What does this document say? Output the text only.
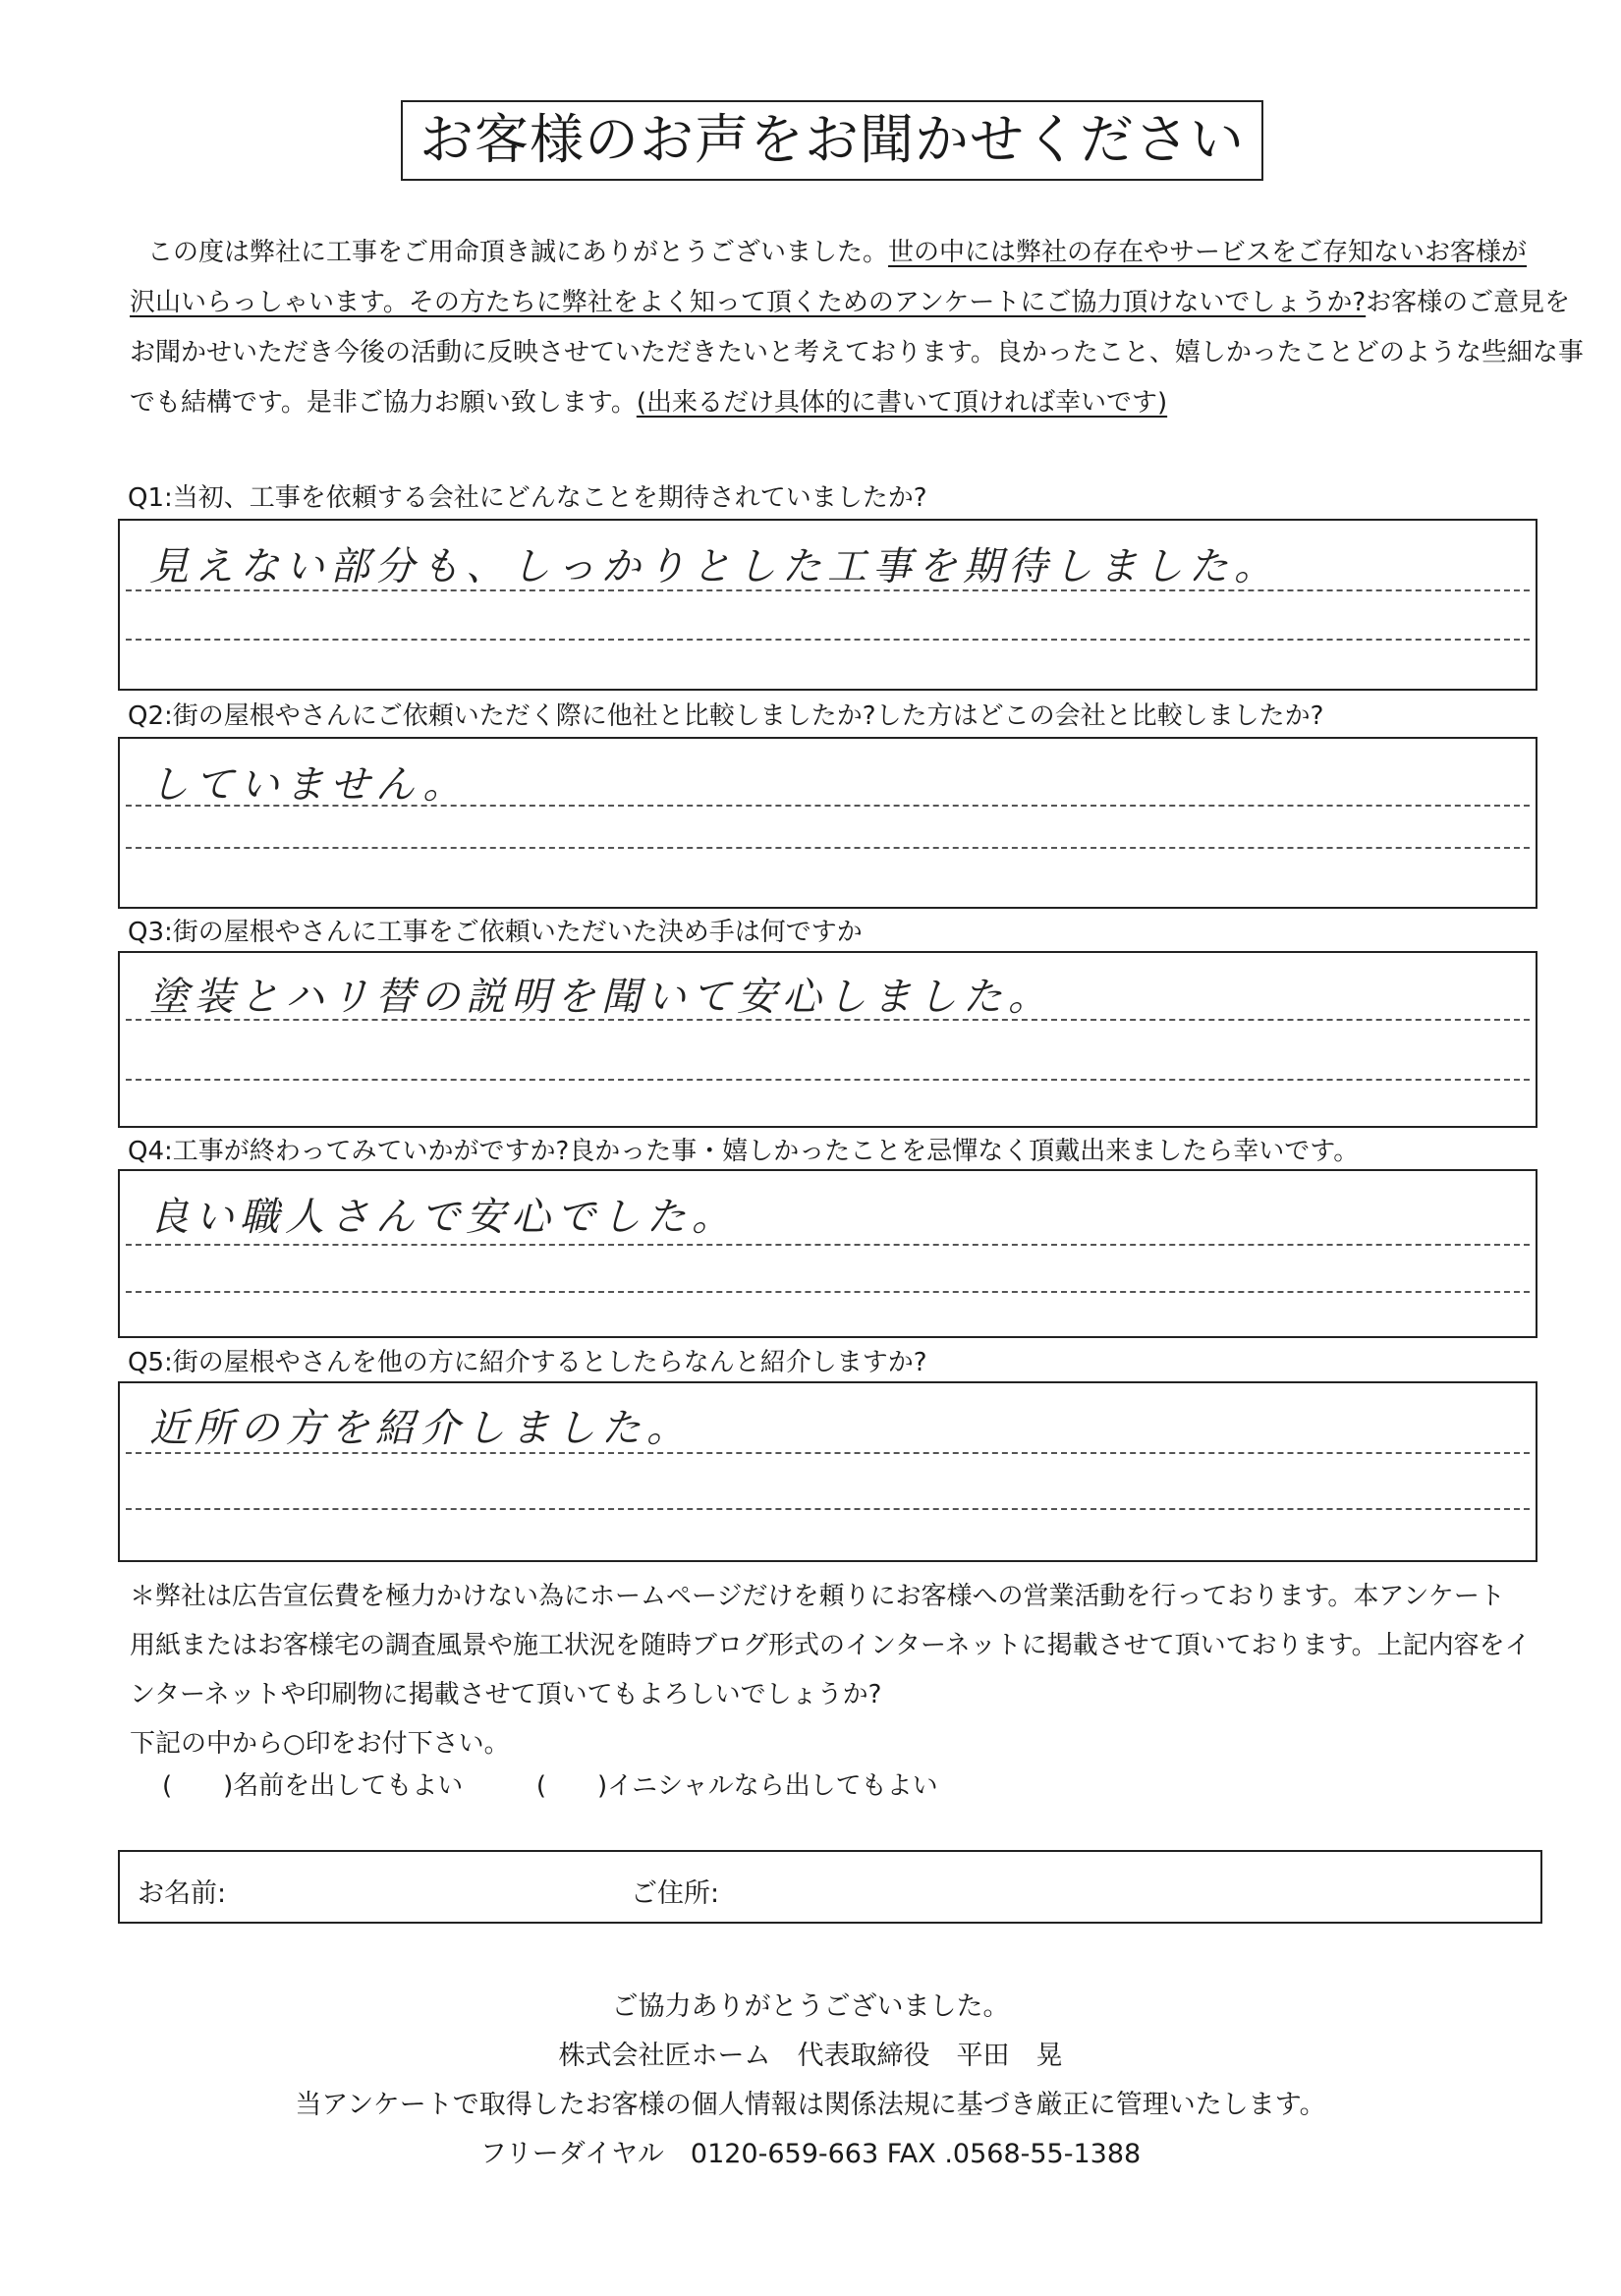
お客様のお声をお聞かせください

この度は弊社に工事をご用命頂き誠にありがとうございました。世の中には弊社の存在やサービスをご存知ないお客様が

沢山いらっしゃいます。その方たちに弊社をよく知って頂くためのアンケートにご協力頂けないでしょうか?お客様のご意見を

お聞かせいただき今後の活動に反映させていただきたいと考えております。良かったこと、嬉しかったことどのような些細な事

でも結構です。是非ご協力お願い致します。(出来るだけ具体的に書いて頂ければ幸いです)

Q1:当初、工事を依頼する会社にどんなことを期待されていましたか?
見えない部分も、しっかりとした工事を期待しました。
Q2:街の屋根やさんにご依頼いただく際に他社と比較しましたか?した方はどこの会社と比較しましたか?
していません。
Q3:街の屋根やさんに工事をご依頼いただいた決め手は何ですか
塗装とハリ替の説明を聞いて安心しました。
Q4:工事が終わってみていかがですか?良かった事・嬉しかったことを忌憚なく頂戴出来ましたら幸いです。
良い職人さんで安心でした。
Q5:街の屋根やさんを他の方に紹介するとしたらなんと紹介しますか?
近所の方を紹介しました。

＊弊社は広告宣伝費を極力かけない為にホームページだけを頼りにお客様への営業活動を行っております。本アンケート

用紙またはお客様宅の調査風景や施工状況を随時ブログ形式のインターネットに掲載させて頂いております。上記内容をイ

ンターネットや印刷物に掲載させて頂いてもよろしいでしょうか?

下記の中から○印をお付下さい。

(　　)名前を出してもよい	(　　)イニシャルなら出してもよい
お名前:	ご住所:

ご協力ありがとうございました。

株式会社匠ホーム　代表取締役　平田　晃

当アンケートで取得したお客様の個人情報は関係法規に基づき厳正に管理いたします。

フリーダイヤル　0120-659-663 FAX .0568-55-1388
